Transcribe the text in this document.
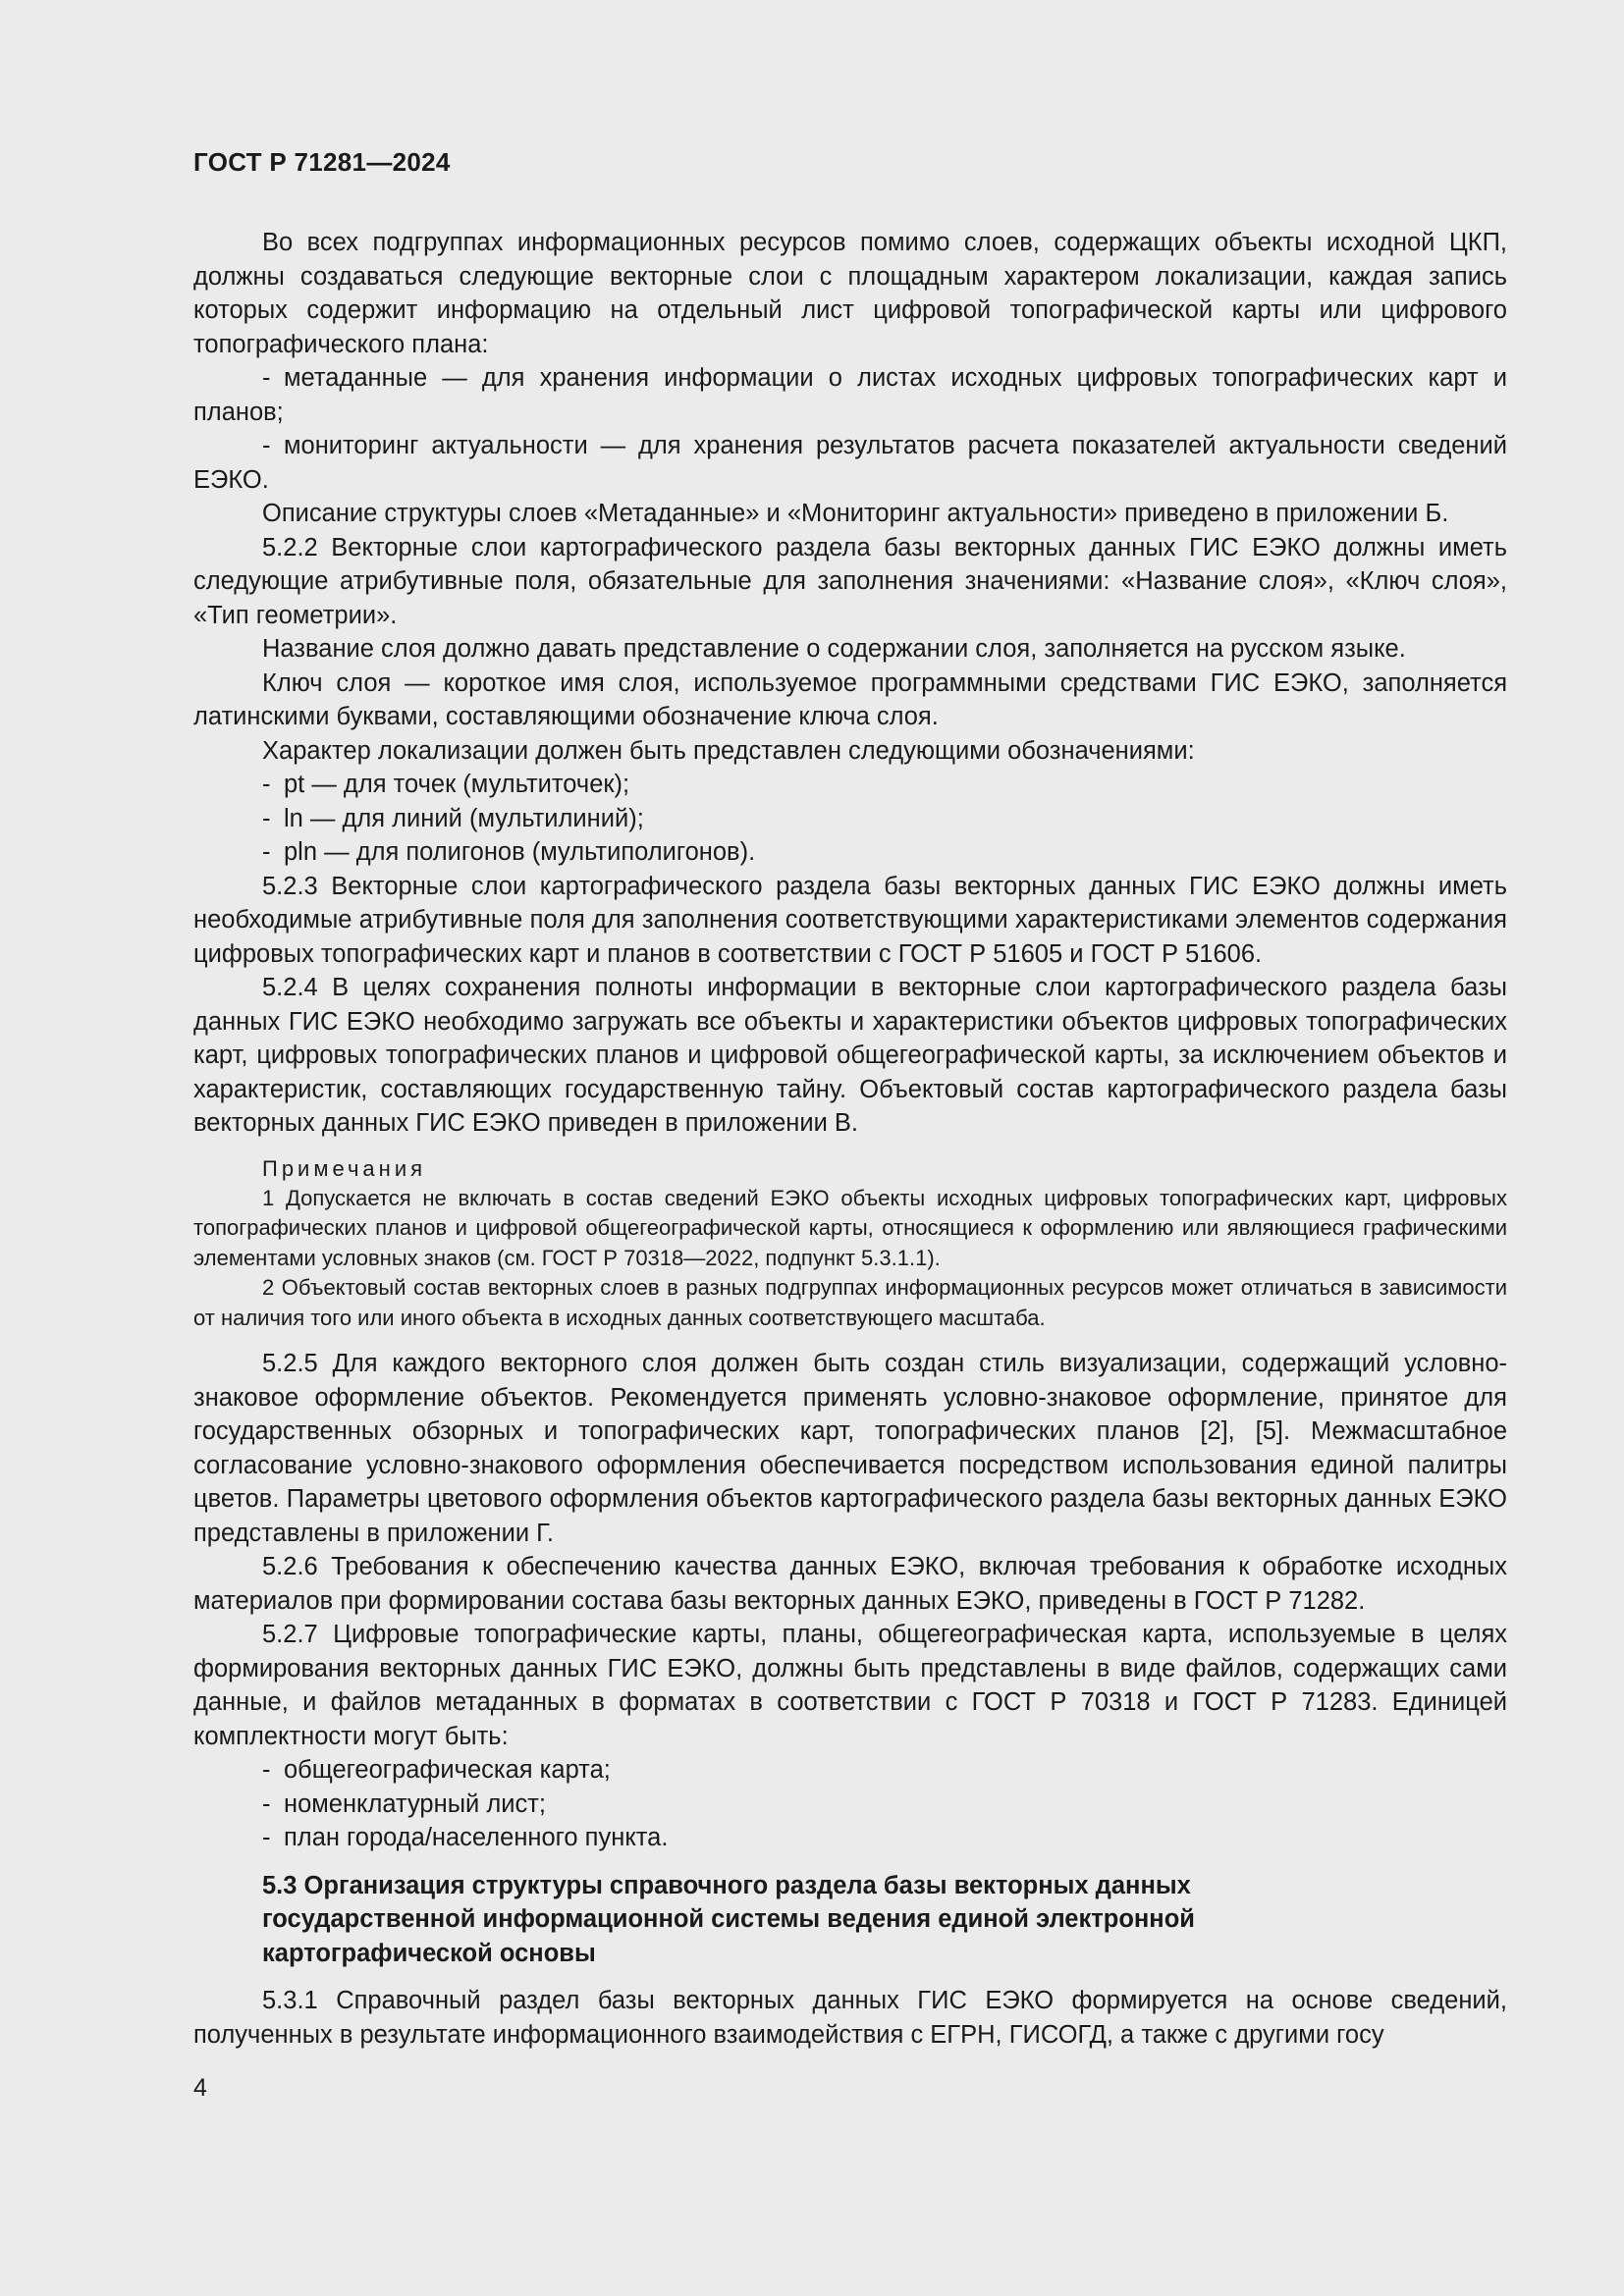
ГОСТ Р 71281—2024

Во всех подгруппах информационных ресурсов помимо слоев, содержащих объекты исходной ЦКП, должны создаваться следующие векторные слои с площадным характером локализации, каждая запись которых содержит информацию на отдельный лист цифровой топографической карты или цифрового топографического плана:

- метаданные — для хранения информации о листах исходных цифровых топографических карт и планов;

- мониторинг актуальности — для хранения результатов расчета показателей актуальности сведений ЕЭКО.

Описание структуры слоев «Метаданные» и «Мониторинг актуальности» приведено в приложении Б.

5.2.2 Векторные слои картографического раздела базы векторных данных ГИС ЕЭКО должны иметь следующие атрибутивные поля, обязательные для заполнения значениями: «Название слоя», «Ключ слоя», «Тип геометрии».

Название слоя должно давать представление о содержании слоя, заполняется на русском языке.

Ключ слоя — короткое имя слоя, используемое программными средствами ГИС ЕЭКО, заполняется латинскими буквами, составляющими обозначение ключа слоя.

Характер локализации должен быть представлен следующими обозначениями:

- pt — для точек (мультиточек);

- ln — для линий (мультилиний);

- pln — для полигонов (мультиполигонов).

5.2.3 Векторные слои картографического раздела базы векторных данных ГИС ЕЭКО должны иметь необходимые атрибутивные поля для заполнения соответствующими характеристиками элементов содержания цифровых топографических карт и планов в соответствии с ГОСТ Р 51605 и ГОСТ Р 51606.

5.2.4 В целях сохранения полноты информации в векторные слои картографического раздела базы данных ГИС ЕЭКО необходимо загружать все объекты и характеристики объектов цифровых топографических карт, цифровых топографических планов и цифровой общегеографической карты, за исключением объектов и характеристик, составляющих государственную тайну. Объектовый состав картографического раздела базы векторных данных ГИС ЕЭКО приведен в приложении В.

Примечания

1 Допускается не включать в состав сведений ЕЭКО объекты исходных цифровых топографических карт, цифровых топографических планов и цифровой общегеографической карты, относящиеся к оформлению или являющиеся графическими элементами условных знаков (см. ГОСТ Р 70318—2022, подпункт 5.3.1.1).

2 Объектовый состав векторных слоев в разных подгруппах информационных ресурсов может отличаться в зависимости от наличия того или иного объекта в исходных данных соответствующего масштаба.

5.2.5 Для каждого векторного слоя должен быть создан стиль визуализации, содержащий условно-знаковое оформление объектов. Рекомендуется применять условно-знаковое оформление, принятое для государственных обзорных и топографических карт, топографических планов [2], [5]. Межмасштабное согласование условно-знакового оформления обеспечивается посредством использования единой палитры цветов. Параметры цветового оформления объектов картографического раздела базы векторных данных ЕЭКО представлены в приложении Г.

5.2.6 Требования к обеспечению качества данных ЕЭКО, включая требования к обработке исходных материалов при формировании состава базы векторных данных ЕЭКО, приведены в ГОСТ Р 71282.

5.2.7 Цифровые топографические карты, планы, общегеографическая карта, используемые в целях формирования векторных данных ГИС ЕЭКО, должны быть представлены в виде файлов, содержащих сами данные, и файлов метаданных в форматах в соответствии с ГОСТ Р 70318 и ГОСТ Р 71283. Единицей комплектности могут быть:

- общегеографическая карта;

- номенклатурный лист;

- план города/населенного пункта.

5.3 Организация структуры справочного раздела базы векторных данных государственной информационной системы ведения единой электронной картографической основы

5.3.1 Справочный раздел базы векторных данных ГИС ЕЭКО формируется на основе сведений, полученных в результате информационного взаимодействия с ЕГРН, ГИСОГД, а также с другими госу

4
